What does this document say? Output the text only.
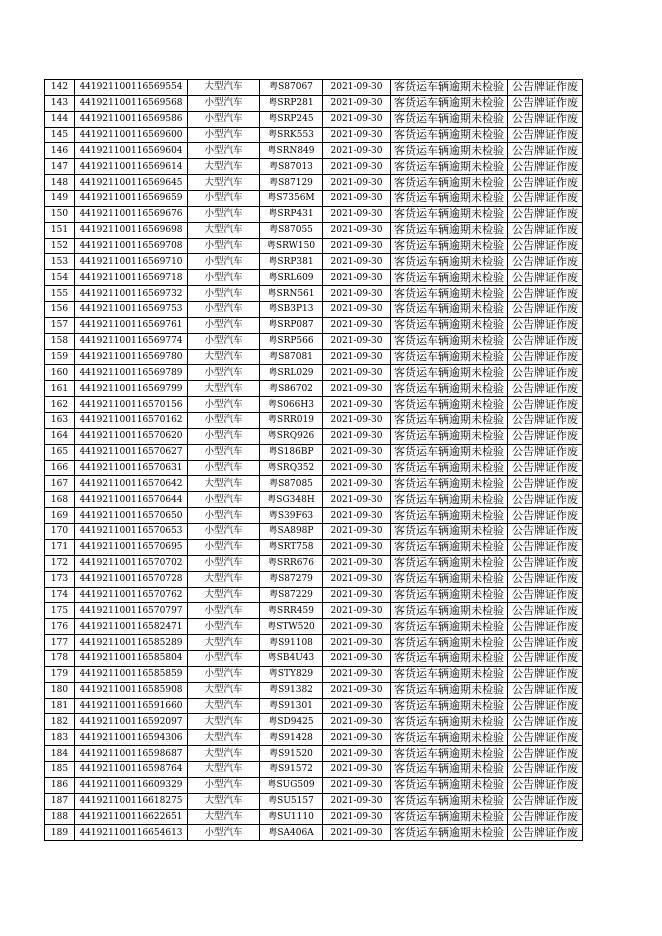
142	441921100116569554	大型汽车	粤S87067	2021-09-30	客货运车辆逾期未检验	公告牌证作废
143	441921100116569568	小型汽车	粤SRP281	2021-09-30	客货运车辆逾期未检验	公告牌证作废
144	441921100116569586	小型汽车	粤SRP245	2021-09-30	客货运车辆逾期未检验	公告牌证作废
145	441921100116569600	小型汽车	粤SRK553	2021-09-30	客货运车辆逾期未检验	公告牌证作废
146	441921100116569604	小型汽车	粤SRN849	2021-09-30	客货运车辆逾期未检验	公告牌证作废
147	441921100116569614	大型汽车	粤S87013	2021-09-30	客货运车辆逾期未检验	公告牌证作废
148	441921100116569645	大型汽车	粤S87129	2021-09-30	客货运车辆逾期未检验	公告牌证作废
149	441921100116569659	小型汽车	粤S7356M	2021-09-30	客货运车辆逾期未检验	公告牌证作废
150	441921100116569676	小型汽车	粤SRP431	2021-09-30	客货运车辆逾期未检验	公告牌证作废
151	441921100116569698	大型汽车	粤S87055	2021-09-30	客货运车辆逾期未检验	公告牌证作废
152	441921100116569708	小型汽车	粤SRW150	2021-09-30	客货运车辆逾期未检验	公告牌证作废
153	441921100116569710	小型汽车	粤SRP381	2021-09-30	客货运车辆逾期未检验	公告牌证作废
154	441921100116569718	小型汽车	粤SRL609	2021-09-30	客货运车辆逾期未检验	公告牌证作废
155	441921100116569732	小型汽车	粤SRN561	2021-09-30	客货运车辆逾期未检验	公告牌证作废
156	441921100116569753	小型汽车	粤SB3P13	2021-09-30	客货运车辆逾期未检验	公告牌证作废
157	441921100116569761	小型汽车	粤SRP087	2021-09-30	客货运车辆逾期未检验	公告牌证作废
158	441921100116569774	小型汽车	粤SRP566	2021-09-30	客货运车辆逾期未检验	公告牌证作废
159	441921100116569780	大型汽车	粤S87081	2021-09-30	客货运车辆逾期未检验	公告牌证作废
160	441921100116569789	小型汽车	粤SRL029	2021-09-30	客货运车辆逾期未检验	公告牌证作废
161	441921100116569799	大型汽车	粤S86702	2021-09-30	客货运车辆逾期未检验	公告牌证作废
162	441921100116570156	小型汽车	粤S066H3	2021-09-30	客货运车辆逾期未检验	公告牌证作废
163	441921100116570162	小型汽车	粤SRR019	2021-09-30	客货运车辆逾期未检验	公告牌证作废
164	441921100116570620	小型汽车	粤SRQ926	2021-09-30	客货运车辆逾期未检验	公告牌证作废
165	441921100116570627	小型汽车	粤S186BP	2021-09-30	客货运车辆逾期未检验	公告牌证作废
166	441921100116570631	小型汽车	粤SRQ352	2021-09-30	客货运车辆逾期未检验	公告牌证作废
167	441921100116570642	大型汽车	粤S87085	2021-09-30	客货运车辆逾期未检验	公告牌证作废
168	441921100116570644	小型汽车	粤SG348H	2021-09-30	客货运车辆逾期未检验	公告牌证作废
169	441921100116570650	小型汽车	粤S39F63	2021-09-30	客货运车辆逾期未检验	公告牌证作废
170	441921100116570653	小型汽车	粤SA898P	2021-09-30	客货运车辆逾期未检验	公告牌证作废
171	441921100116570695	小型汽车	粤SRT758	2021-09-30	客货运车辆逾期未检验	公告牌证作废
172	441921100116570702	小型汽车	粤SRR676	2021-09-30	客货运车辆逾期未检验	公告牌证作废
173	441921100116570728	大型汽车	粤S87279	2021-09-30	客货运车辆逾期未检验	公告牌证作废
174	441921100116570762	大型汽车	粤S87229	2021-09-30	客货运车辆逾期未检验	公告牌证作废
175	441921100116570797	小型汽车	粤SRR459	2021-09-30	客货运车辆逾期未检验	公告牌证作废
176	441921100116582471	小型汽车	粤STW520	2021-09-30	客货运车辆逾期未检验	公告牌证作废
177	441921100116585289	大型汽车	粤S91108	2021-09-30	客货运车辆逾期未检验	公告牌证作废
178	441921100116585804	小型汽车	粤SB4U43	2021-09-30	客货运车辆逾期未检验	公告牌证作废
179	441921100116585859	小型汽车	粤STY829	2021-09-30	客货运车辆逾期未检验	公告牌证作废
180	441921100116585908	大型汽车	粤S91382	2021-09-30	客货运车辆逾期未检验	公告牌证作废
181	441921100116591660	大型汽车	粤S91301	2021-09-30	客货运车辆逾期未检验	公告牌证作废
182	441921100116592097	大型汽车	粤SD9425	2021-09-30	客货运车辆逾期未检验	公告牌证作废
183	441921100116594306	大型汽车	粤S91428	2021-09-30	客货运车辆逾期未检验	公告牌证作废
184	441921100116598687	大型汽车	粤S91520	2021-09-30	客货运车辆逾期未检验	公告牌证作废
185	441921100116598764	大型汽车	粤S91572	2021-09-30	客货运车辆逾期未检验	公告牌证作废
186	441921100116609329	小型汽车	粤SUG509	2021-09-30	客货运车辆逾期未检验	公告牌证作废
187	441921100116618275	大型汽车	粤SU5157	2021-09-30	客货运车辆逾期未检验	公告牌证作废
188	441921100116622651	大型汽车	粤SU1110	2021-09-30	客货运车辆逾期未检验	公告牌证作废
189	441921100116654613	小型汽车	粤SA406A	2021-09-30	客货运车辆逾期未检验	公告牌证作废
